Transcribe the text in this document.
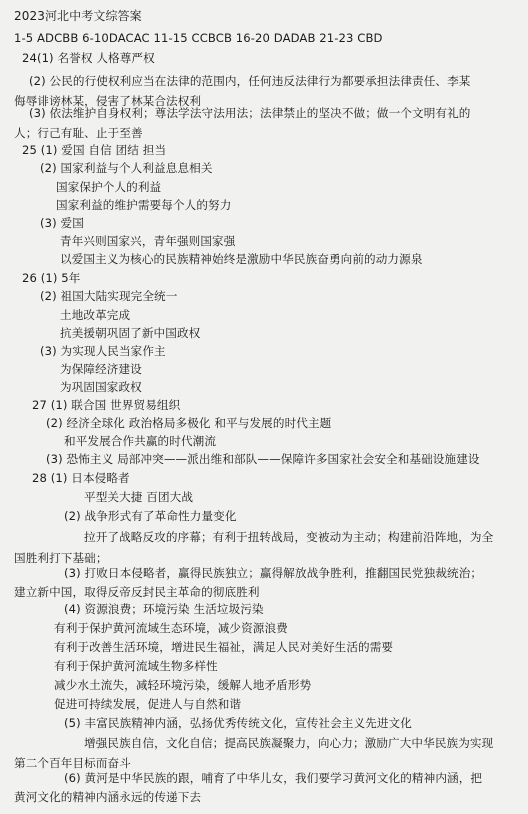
2023河北中考文综答案
1-5 ADCBB 6-10DACAC 11-15 CCBCB 16-20 DADAB 21-23 CBD
24(1) 名誉权 人格尊严权
(2) 公民的行使权利应当在法律的范围内，任何违反法律行为都要承担法律责任、李某
侮辱诽谤林某，侵害了林某合法权利
(3) 依法维护自身权利；尊法学法守法用法；法律禁止的坚决不做；做一个文明有礼的
人；行己有耻、止于至善
25 (1) 爱国 自信 团结 担当
(2) 国家利益与个人利益息息相关
国家保护个人的利益
国家利益的维护需要每个人的努力
(3) 爱国
青年兴则国家兴，青年强则国家强
以爱国主义为核心的民族精神始终是激励中华民族奋勇向前的动力源泉
26 (1) 5年
(2) 祖国大陆实现完全统一
土地改革完成
抗美援朝巩固了新中国政权
(3) 为实现人民当家作主
为保障经济建设
为巩固国家政权
27 (1) 联合国 世界贸易组织
(2) 经济全球化 政治格局多极化 和平与发展的时代主题
和平发展合作共赢的时代潮流
(3) 恐怖主义 局部冲突——派出维和部队——保障许多国家社会安全和基础设施建设
28 (1) 日本侵略者
平型关大捷 百团大战
(2) 战争形式有了革命性力量变化
拉开了战略反攻的序幕；有利于扭转战局，变被动为主动；构建前沿阵地，为全
国胜利打下基础；
(3) 打败日本侵略者，赢得民族独立；赢得解放战争胜利，推翻国民党独裁统治；
建立新中国，取得反帝反封民主革命的彻底胜利
(4) 资源浪费；环境污染 生活垃圾污染
有利于保护黄河流域生态环境，减少资源浪费
有利于改善生活环境，增进民生福祉，满足人民对美好生活的需要
有利于保护黄河流域生物多样性
减少水土流失，减轻环境污染，缓解人地矛盾形势
促进可持续发展，促进人与自然和谐
(5) 丰富民族精神内涵，弘扬优秀传统文化，宣传社会主义先进文化
增强民族自信，文化自信；提高民族凝聚力，向心力；激励广大中华民族为实现
第二个百年目标而奋斗
(6) 黄河是中华民族的跟，哺育了中华儿女，我们要学习黄河文化的精神内涵，把
黄河文化的精神内涵永远的传递下去
